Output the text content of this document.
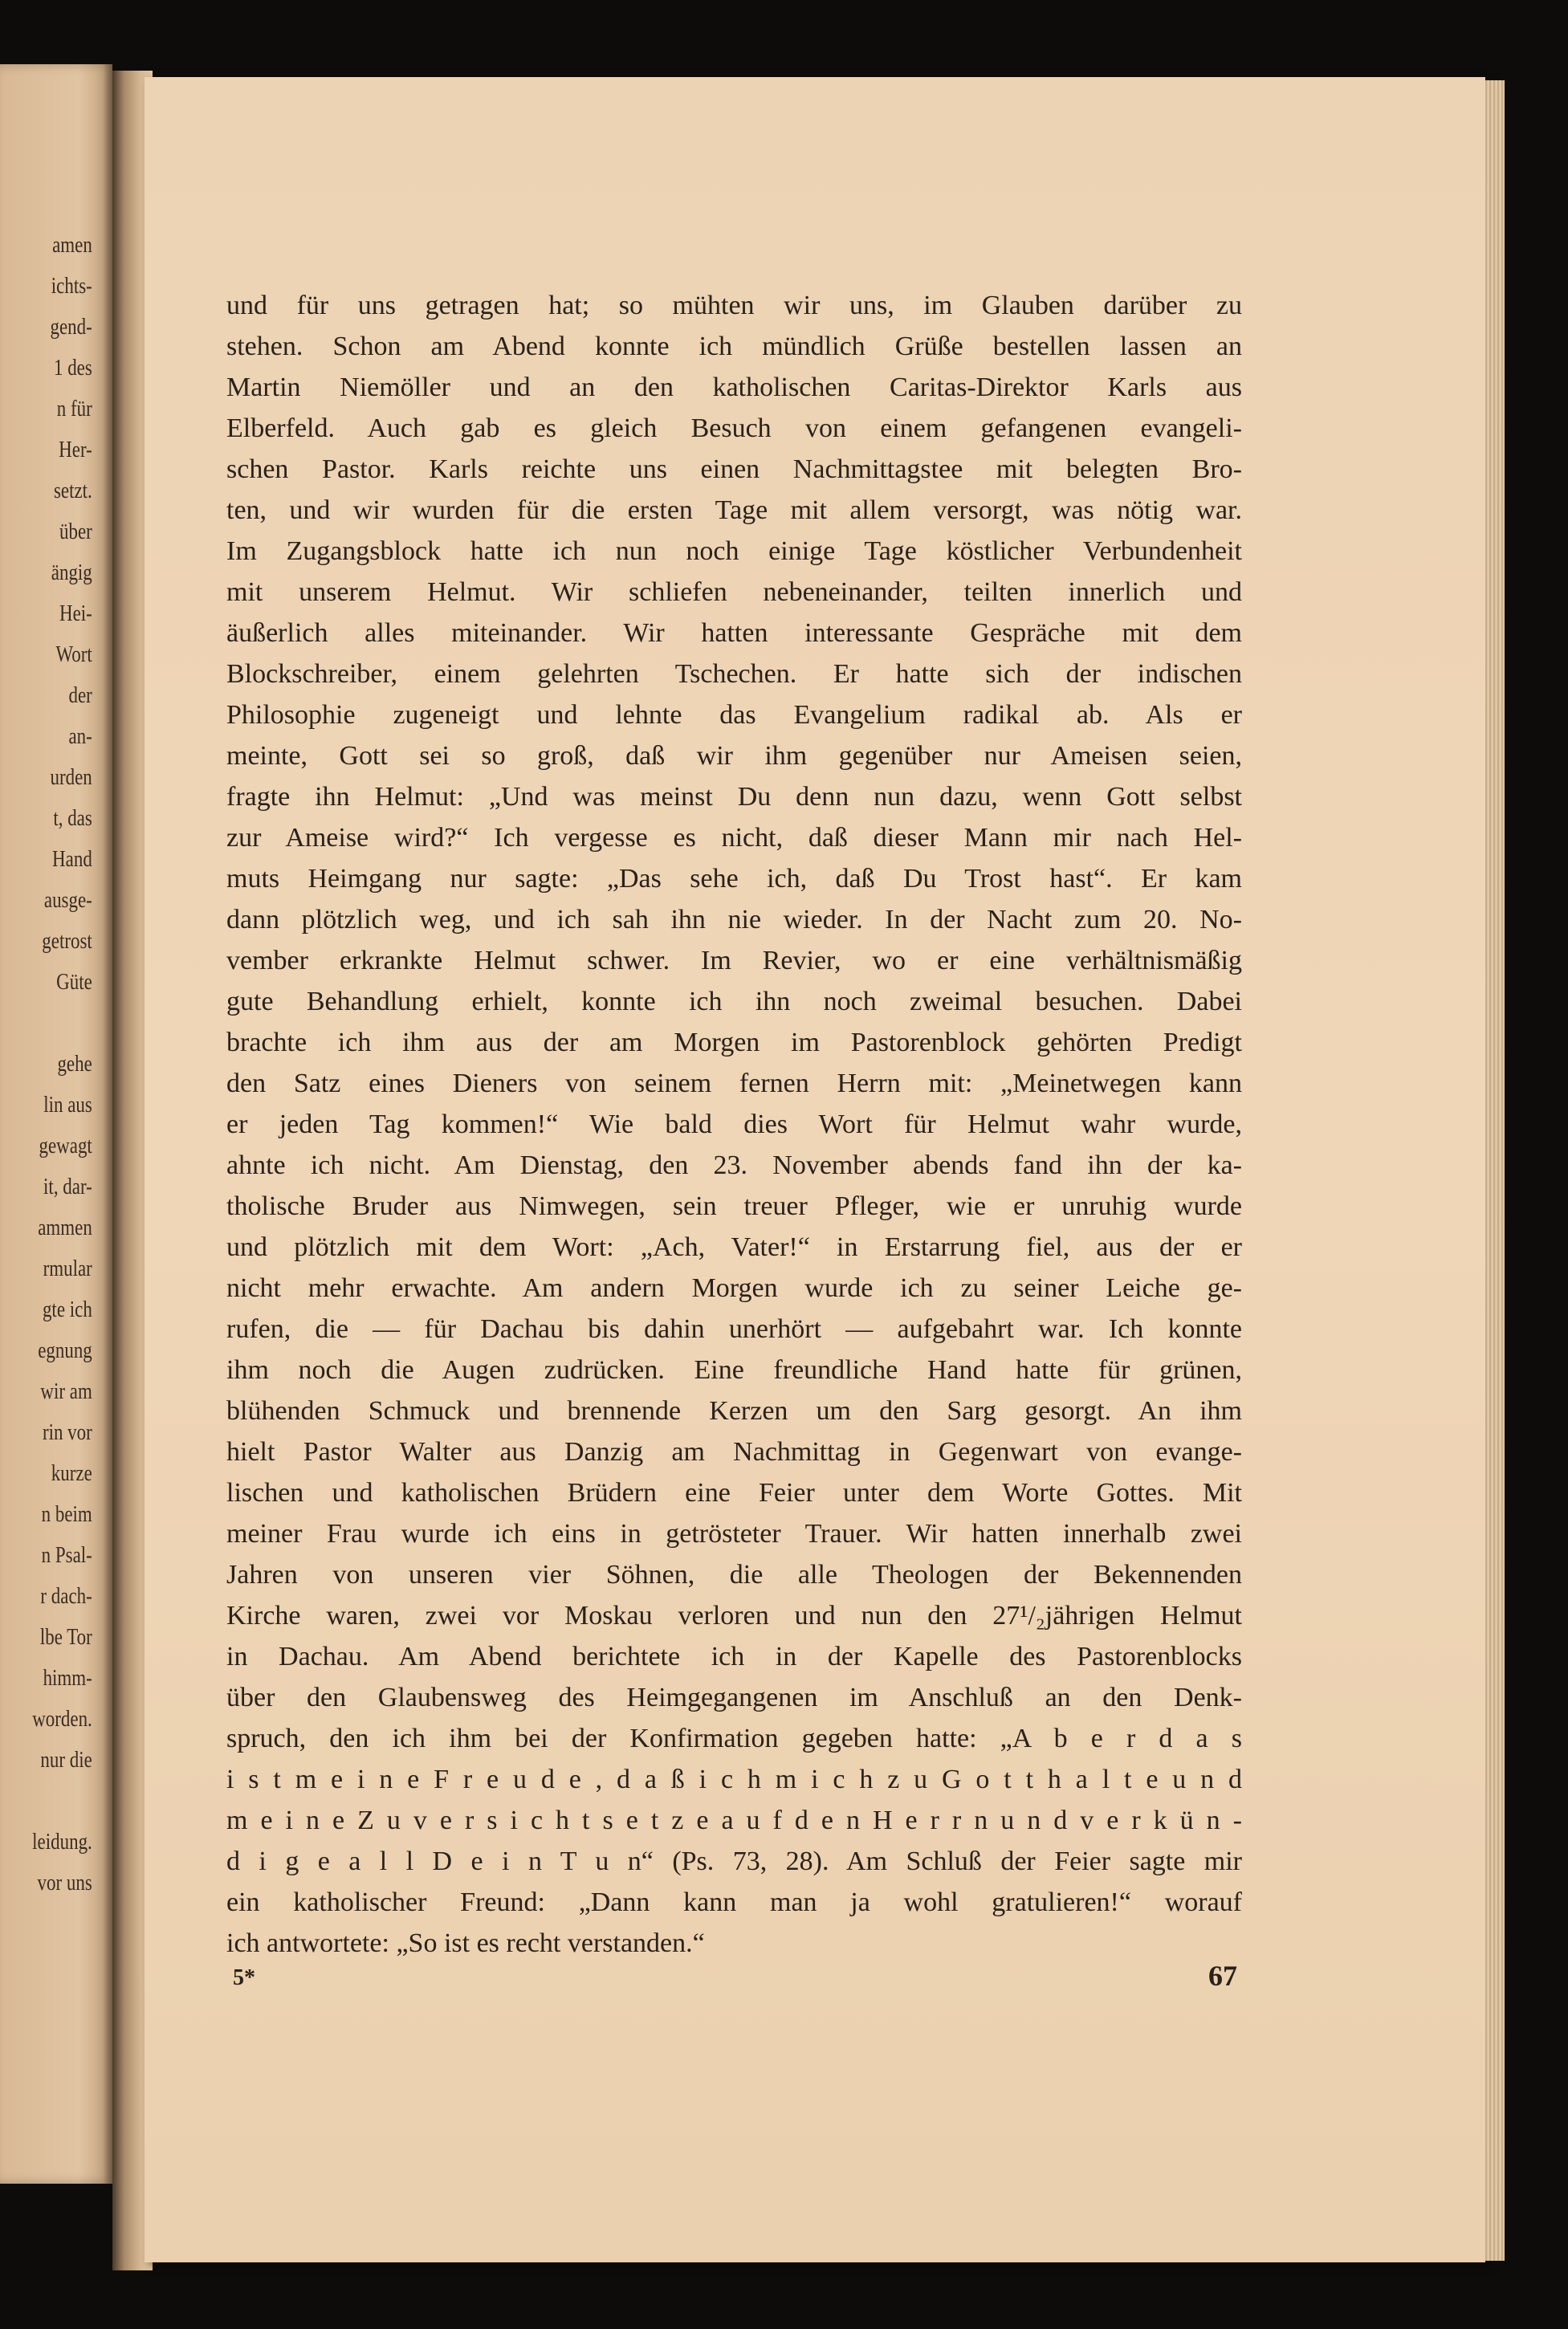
amen
ichts-
gend-
1 des
n für
Her-
setzt.
über
ängig
Hei-
Wort
der
an-
urden
t, das
Hand
ausge-
getrost
Güte
gehe
lin aus
gewagt
it, dar-
ammen
rmular
gte ich
egnung
wir am
rin vor
kurze
n beim
n Psal-
r dach-
lbe Tor
himm-
worden.
nur die
leidung.
vor uns
und für uns getragen hat; so mühten wir uns, im Glauben darüber zu
stehen. Schon am Abend konnte ich mündlich Grüße bestellen lassen an
Martin Niemöller und an den katholischen Caritas-Direktor Karls aus
Elberfeld. Auch gab es gleich Besuch von einem gefangenen evangeli-
schen Pastor. Karls reichte uns einen Nachmittagstee mit belegten Bro-
ten, und wir wurden für die ersten Tage mit allem versorgt, was nötig war.
Im Zugangsblock hatte ich nun noch einige Tage köstlicher Verbundenheit
mit unserem Helmut. Wir schliefen nebeneinander, teilten innerlich und
äußerlich alles miteinander. Wir hatten interessante Gespräche mit dem
Blockschreiber, einem gelehrten Tschechen. Er hatte sich der indischen
Philosophie zugeneigt und lehnte das Evangelium radikal ab. Als er
meinte, Gott sei so groß, daß wir ihm gegenüber nur Ameisen seien,
fragte ihn Helmut: „Und was meinst Du denn nun dazu, wenn Gott selbst
zur Ameise wird?“ Ich vergesse es nicht, daß dieser Mann mir nach Hel-
muts Heimgang nur sagte: „Das sehe ich, daß Du Trost hast“. Er kam
dann plötzlich weg, und ich sah ihn nie wieder. In der Nacht zum 20. No-
vember erkrankte Helmut schwer. Im Revier, wo er eine verhältnismäßig
gute Behandlung erhielt, konnte ich ihn noch zweimal besuchen. Dabei
brachte ich ihm aus der am Morgen im Pastorenblock gehörten Predigt
den Satz eines Dieners von seinem fernen Herrn mit: „Meinetwegen kann
er jeden Tag kommen!“ Wie bald dies Wort für Helmut wahr wurde,
ahnte ich nicht. Am Dienstag, den 23. November abends fand ihn der ka-
tholische Bruder aus Nimwegen, sein treuer Pfleger, wie er unruhig wurde
und plötzlich mit dem Wort: „Ach, Vater!“ in Erstarrung fiel, aus der er
nicht mehr erwachte. Am andern Morgen wurde ich zu seiner Leiche ge-
rufen, die — für Dachau bis dahin unerhört — aufgebahrt war. Ich konnte
ihm noch die Augen zudrücken. Eine freundliche Hand hatte für grünen,
blühenden Schmuck und brennende Kerzen um den Sarg gesorgt. An ihm
hielt Pastor Walter aus Danzig am Nachmittag in Gegenwart von evange-
lischen und katholischen Brüdern eine Feier unter dem Worte Gottes. Mit
meiner Frau wurde ich eins in getrösteter Trauer. Wir hatten innerhalb zwei
Jahren von unseren vier Söhnen, die alle Theologen der Bekennenden
Kirche waren, zwei vor Moskau verloren und nun den 27¹/₂jährigen Helmut
in Dachau. Am Abend berichtete ich in der Kapelle des Pastorenblocks
über den Glaubensweg des Heimgegangenen im Anschluß an den Denk-
spruch, den ich ihm bei der Konfirmation gegeben hatte: „A b e r d a s
i s t m e i n e F r e u d e , d a ß i c h m i c h z u G o t t h a l t e u n d
m e i n e Z u v e r s i c h t s e t z e a u f d e n H e r r n u n d v e r k ü n -
d i g e a l l D e i n T u n“ (Ps. 73, 28). Am Schluß der Feier sagte mir
ein katholischer Freund: „Dann kann man ja wohl gratulieren!“ worauf
ich antwortete: „So ist es recht verstanden.“
5*	67
